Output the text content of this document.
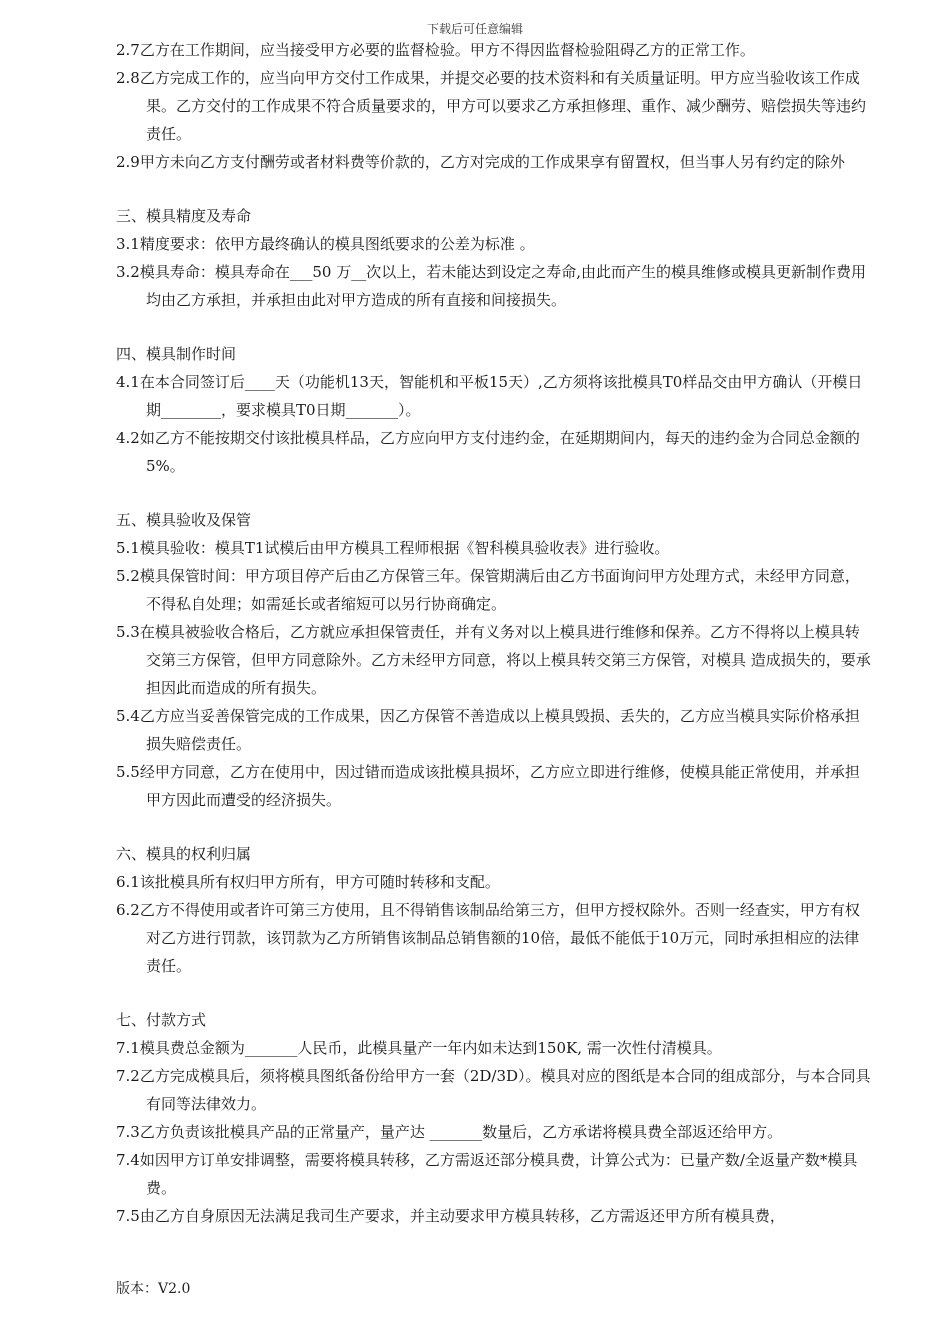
下载后可任意编辑

2.7乙方在工作期间，应当接受甲方必要的监督检验。甲方不得因监督检验阻碍乙方的正常工作。

2.8乙方完成工作的，应当向甲方交付工作成果，并提交必要的技术资料和有关质量证明。甲方应当验收该工作成果。乙方交付的工作成果不符合质量要求的，甲方可以要求乙方承担修理、重作、减少酬劳、赔偿损失等违约责任。

2.9甲方未向乙方支付酬劳或者材料费等价款的，乙方对完成的工作成果享有留置权，但当事人另有约定的除外

三、模具精度及寿命

3.1精度要求：依甲方最终确认的模具图纸要求的公差为标准 。

3.2模具寿命：模具寿命在___50 万__次以上，若未能达到设定之寿命,由此而产生的模具维修或模具更新制作费用均由乙方承担，并承担由此对甲方造成的所有直接和间接损失。

四、模具制作时间

4.1在本合同签订后____天（功能机13天，智能机和平板15天）,乙方须将该批模具T0样品交由甲方确认（开模日期________，要求模具T0日期_______）。

4.2如乙方不能按期交付该批模具样品，乙方应向甲方支付违约金，在延期期间内，每天的违约金为合同总金额的5%。

五、模具验收及保管

5.1模具验收：模具T1试模后由甲方模具工程师根据《智科模具验收表》进行验收。

5.2模具保管时间：甲方项目停产后由乙方保管三年。保管期满后由乙方书面询问甲方处理方式，未经甲方同意，不得私自处理；如需延长或者缩短可以另行协商确定。

5.3在模具被验收合格后，乙方就应承担保管责任，并有义务对以上模具进行维修和保养。乙方不得将以上模具转交第三方保管，但甲方同意除外。乙方未经甲方同意，将以上模具转交第三方保管，对模具 造成损失的，要承担因此而造成的所有损失。

5.4乙方应当妥善保管完成的工作成果，因乙方保管不善造成以上模具毁损、丢失的，乙方应当模具实际价格承担损失赔偿责任。

5.5经甲方同意，乙方在使用中，因过错而造成该批模具损坏，乙方应立即进行维修，使模具能正常使用，并承担甲方因此而遭受的经济损失。

六、模具的权利归属

6.1该批模具所有权归甲方所有，甲方可随时转移和支配。

6.2乙方不得使用或者许可第三方使用，且不得销售该制品给第三方，但甲方授权除外。否则一经查实，甲方有权对乙方进行罚款，该罚款为乙方所销售该制品总销售额的10倍，最低不能低于10万元，同时承担相应的法律责任。

七、付款方式

7.1模具费总金额为_______人民币，此模具量产一年内如未达到150K, 需一次性付清模具。

7.2乙方完成模具后，须将模具图纸备份给甲方一套（2D/3D）。模具对应的图纸是本合同的组成部分，与本合同具有同等法律效力。

7.3乙方负责该批模具产品的正常量产，量产达 _______数量后，乙方承诺将模具费全部返还给甲方。

7.4如因甲方订单安排调整，需要将模具转移，乙方需返还部分模具费，计算公式为：已量产数/全返量产数*模具费。

7.5由乙方自身原因无法满足我司生产要求，并主动要求甲方模具转移，乙方需返还甲方所有模具费，

版本：V2.0
